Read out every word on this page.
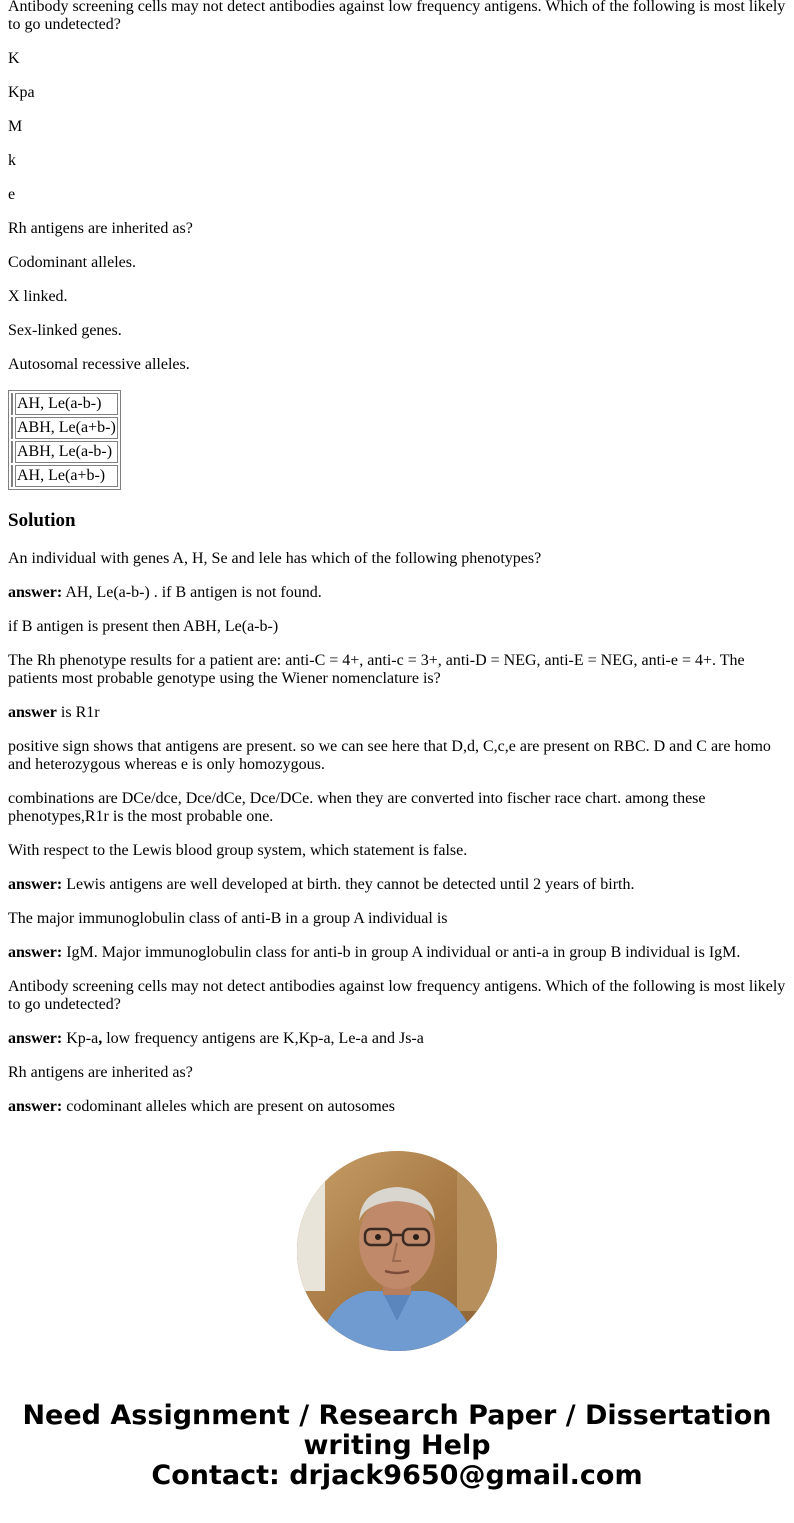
Antibody screening cells may not detect antibodies against low frequency antigens. Which of the following is most likely to go undetected?

K

Kpa

M

k

e

Rh antigens are inherited as?

Codominant alleles.

X linked.

Sex-linked genes.

Autosomal recessive alleles.

	AH, Le(a-b-)
	ABH, Le(a+b-)
	ABH, Le(a-b-)
	AH, Le(a+b-)
Solution

An individual with genes A, H, Se and lele has which of the following phenotypes?

answer: AH, Le(a-b-) . if B antigen is not found.

if B antigen is present then ABH, Le(a-b-)

The Rh phenotype results for a patient are: anti-C = 4+, anti-c = 3+, anti-D = NEG, anti-E = NEG, anti-e = 4+. The patients most probable genotype using the Wiener nomenclature is?

answer is R1r

positive sign shows that antigens are present. so we can see here that D,d, C,c,e are present on RBC. D and C are homo and heterozygous whereas e is only homozygous.

combinations are DCe/dce, Dce/dCe, Dce/DCe. when they are converted into fischer race chart. among these phenotypes,R1r is the most probable one.

With respect to the Lewis blood group system, which statement is false.

answer: Lewis antigens are well developed at birth. they cannot be detected until 2 years of birth.

The major immunoglobulin class of anti-B in a group A individual is

answer: IgM. Major immunoglobulin class for anti-b in group A individual or anti-a in group B individual is IgM.

Antibody screening cells may not detect antibodies against low frequency antigens. Which of the following is most likely to go undetected?

answer: Kp-a, low frequency antigens are K,Kp-a, Le-a and Js-a

Rh antigens are inherited as?

answer: codominant alleles which are present on autosomes

Need Assignment / Research Paper / Dissertation
writing Help
Contact: drjack9650@gmail.com
